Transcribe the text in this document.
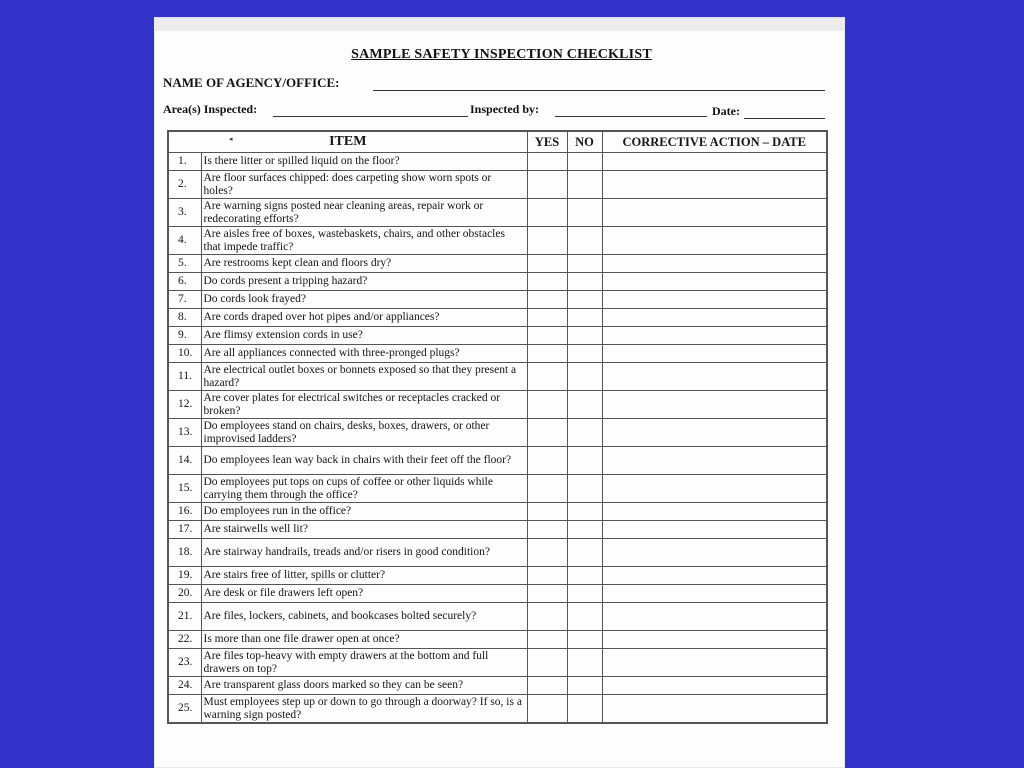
SAMPLE SAFETY INSPECTION CHECKLIST
NAME OF AGENCY/OFFICE:
Area(s) Inspected:	Inspected by:	Date:
◂	ITEM		YES	NO	CORRECTIVE ACTION – DATE
1.	Is there litter or spilled liquid on the floor?			
2.	Are floor surfaces chipped: does carpeting show worn spots or holes?			
3.	Are warning signs posted near cleaning areas, repair work or redecorating efforts?			
4.	Are aisles free of boxes, wastebaskets, chairs, and other obstacles that impede traffic?			
5.	Are restrooms kept clean and floors dry?			
6.	Do cords present a tripping hazard?			
7.	Do cords look frayed?			
8.	Are cords draped over hot pipes and/or appliances?			
9.	Are flimsy extension cords in use?			
10.	Are all appliances connected with three-pronged plugs?			
11.	Are electrical outlet boxes or bonnets exposed so that they present a hazard?			
12.	Are cover plates for electrical switches or receptacles cracked or broken?			
13.	Do employees stand on chairs, desks, boxes, drawers, or other improvised ladders?			
14.	Do employees lean way back in chairs with their feet off the floor?			
15.	Do employees put tops on cups of coffee or other liquids while carrying them through the office?			
16.	Do employees run in the office?			
17.	Are stairwells well lit?			
18.	Are stairway handrails, treads and/or risers in good condition?			
19.	Are stairs free of litter, spills or clutter?			
20.	Are desk or file drawers left open?			
21.	Are files, lockers, cabinets, and bookcases bolted securely?			
22.	Is more than one file drawer open at once?			
23.	Are files top-heavy with empty drawers at the bottom and full drawers on top?			
24.	Are transparent glass doors marked so they can be seen?			
25.	Must employees step up or down to go through a doorway? If so, is a warning sign posted?			
